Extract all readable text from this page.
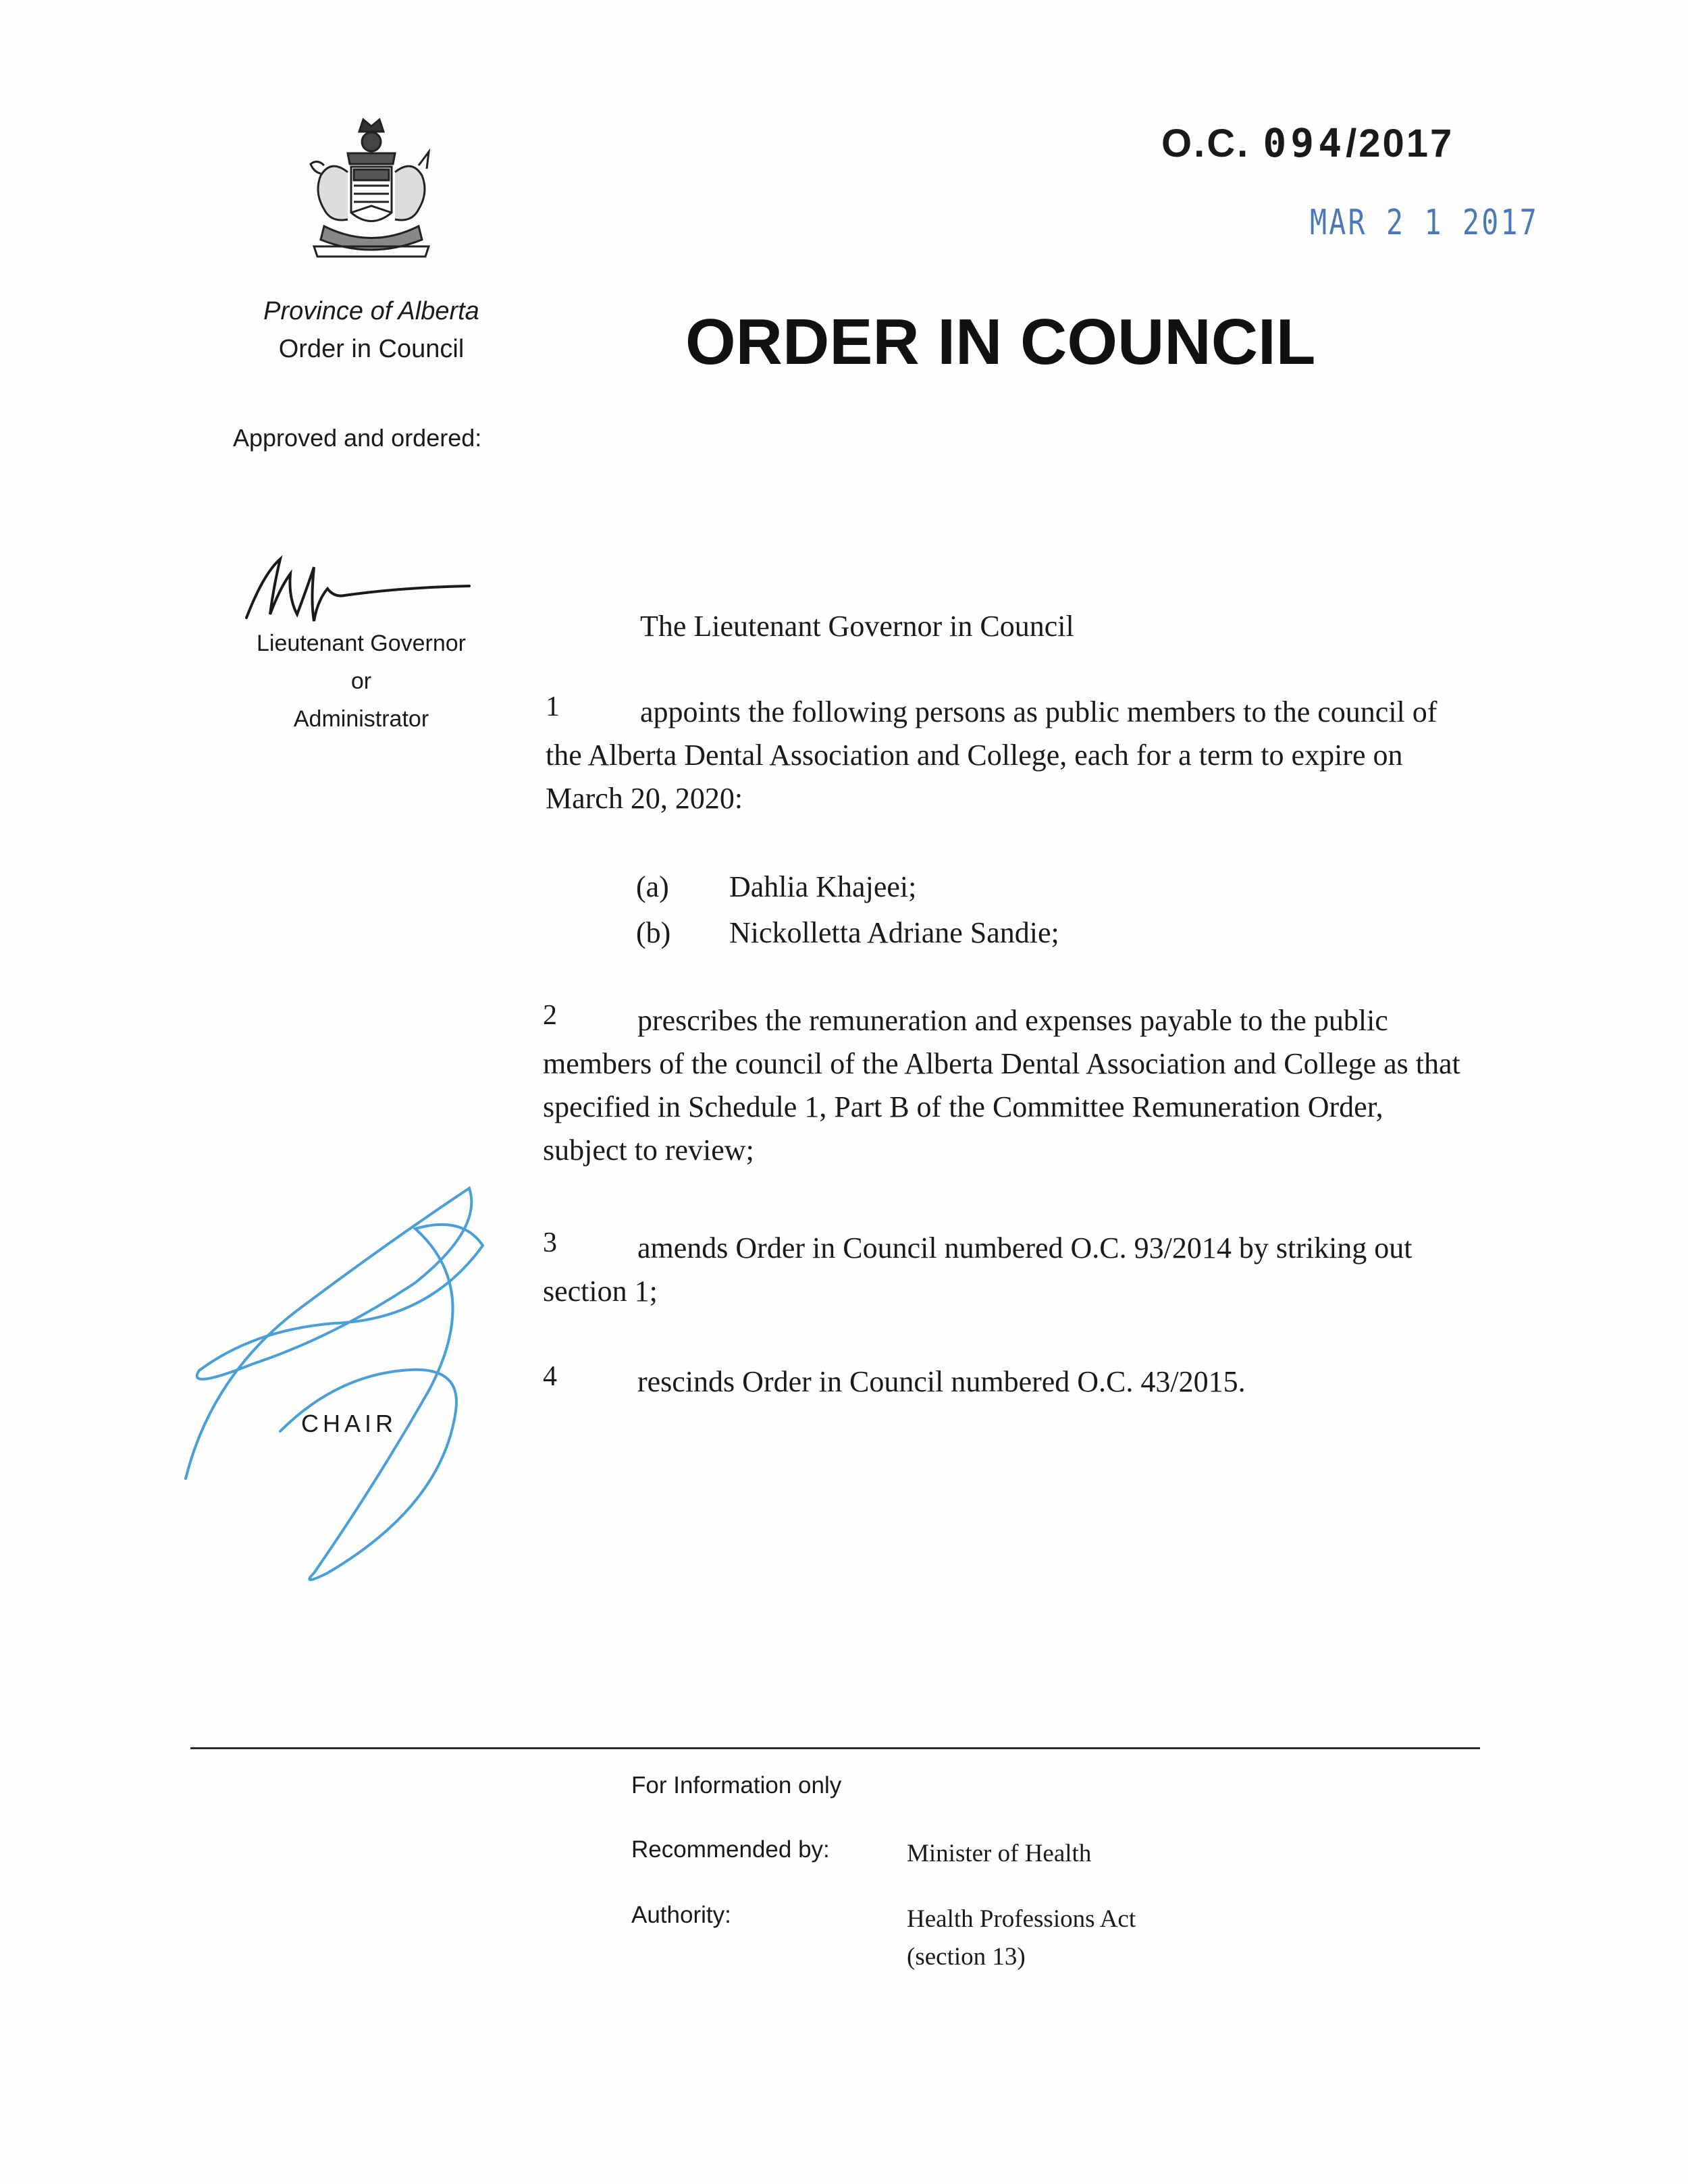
Province of Alberta
Order in Council
Approved and ordered:
O.C. 094/2017
MAR 2 1 2017
ORDER IN COUNCIL
Lieutenant Governor
or
Administrator
CHAIR
The Lieutenant Governor in Council
1	appoints the following persons as public members to the council of the Alberta Dental Association and College, each for a term to expire on March 20, 2020:
(a) Dahlia Khajeei;
(b) Nickolletta Adriane Sandie;
2	prescribes the remuneration and expenses payable to the public members of the council of the Alberta Dental Association and College as that specified in Schedule 1, Part B of the Committee Remuneration Order, subject to review;
3	amends Order in Council numbered O.C. 93/2014 by striking out section 1;
4	rescinds Order in Council numbered O.C. 43/2015.
For Information only
Recommended by:	Minister of Health
Authority:	Health Professions Act
(section 13)
